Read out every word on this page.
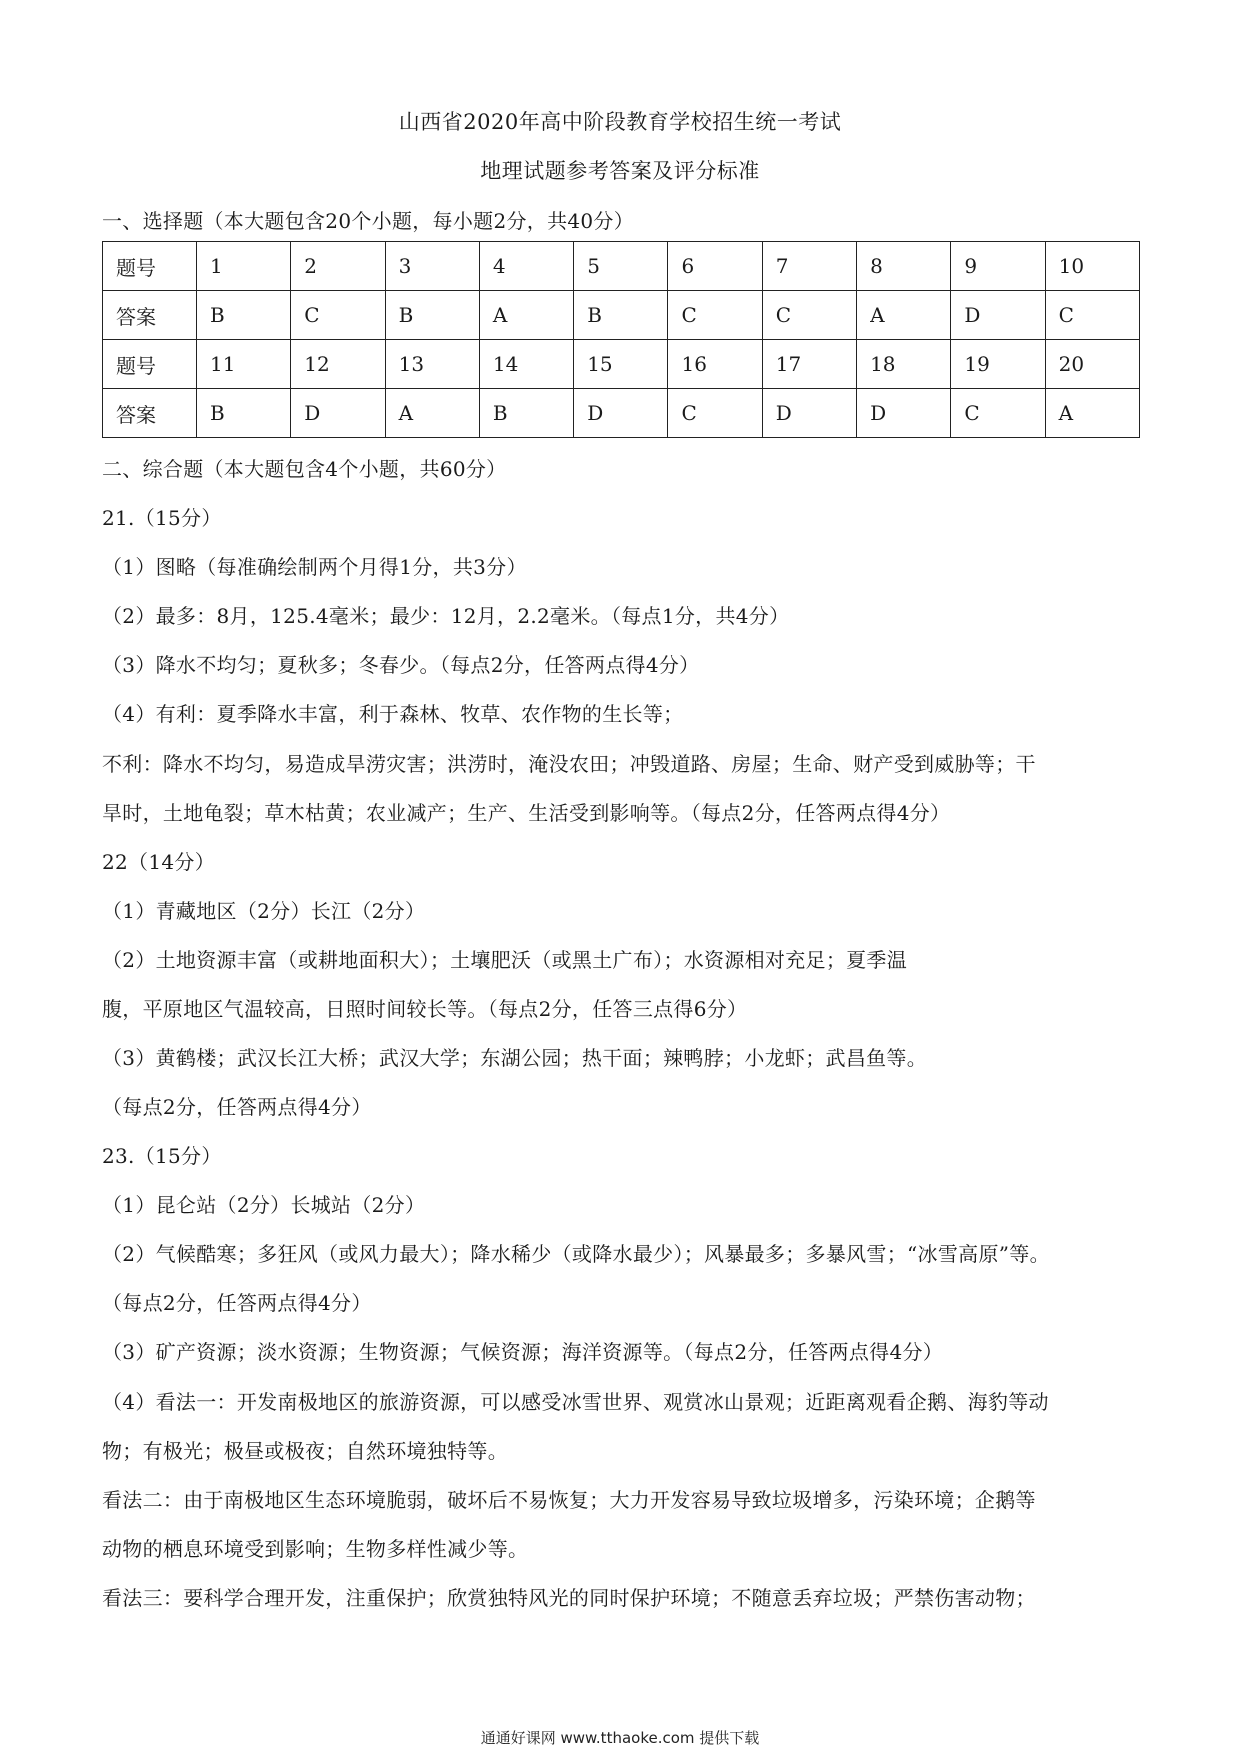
山西省2020年高中阶段教育学校招生统一考试
地理试题参考答案及评分标准
一、选择题（本大题包含20个小题，每小题2分，共40分）
题号	1	2	3	4	5	6	7	8	9	10
答案	B	C	B	A	B	C	C	A	D	C
题号	11	12	13	14	15	16	17	18	19	20
答案	B	D	A	B	D	C	D	D	C	A
二、综合题（本大题包含4个小题，共60分）
21.（15分）
（1）图略（每准确绘制两个月得1分，共3分）
（2）最多：8月，125.4毫米；最少：12月，2.2毫米。（每点1分，共4分）
（3）降水不均匀；夏秋多；冬春少。（每点2分，任答两点得4分）
（4）有利：夏季降水丰富，利于森林、牧草、农作物的生长等；
不利：降水不均匀，易造成旱涝灾害；洪涝时，淹没农田；冲毁道路、房屋；生命、财产受到威胁等；干
旱时，土地龟裂；草木枯黄；农业减产；生产、生活受到影响等。（每点2分，任答两点得4分）
22（14分）
（1）青藏地区（2分）长江（2分）
（2）土地资源丰富（或耕地面积大）；土壤肥沃（或黑土广布）；水资源相对充足；夏季温
腹，平原地区气温较高，日照时间较长等。（每点2分，任答三点得6分）
（3）黄鹤楼；武汉长江大桥；武汉大学；东湖公园；热干面；辣鸭脖；小龙虾；武昌鱼等。
（每点2分，任答两点得4分）
23.（15分）
（1）昆仑站（2分）长城站（2分）
（2）气候酷寒；多狂风（或风力最大）；降水稀少（或降水最少）；风暴最多；多暴风雪；“冰雪高原”等。
（每点2分，任答两点得4分）
（3）矿产资源；淡水资源；生物资源；气候资源；海洋资源等。（每点2分，任答两点得4分）
（4）看法一：开发南极地区的旅游资源，可以感受冰雪世界、观赏冰山景观；近距离观看企鹅、海豹等动
物；有极光；极昼或极夜；自然环境独特等。
看法二：由于南极地区生态环境脆弱，破坏后不易恢复；大力开发容易导致垃圾增多，污染环境；企鹅等
动物的栖息环境受到影响；生物多样性减少等。
看法三：要科学合理开发，注重保护；欣赏独特风光的同时保护环境；不随意丢弃垃圾；严禁伤害动物；
通通好课网 www.tthaoke.com 提供下载
